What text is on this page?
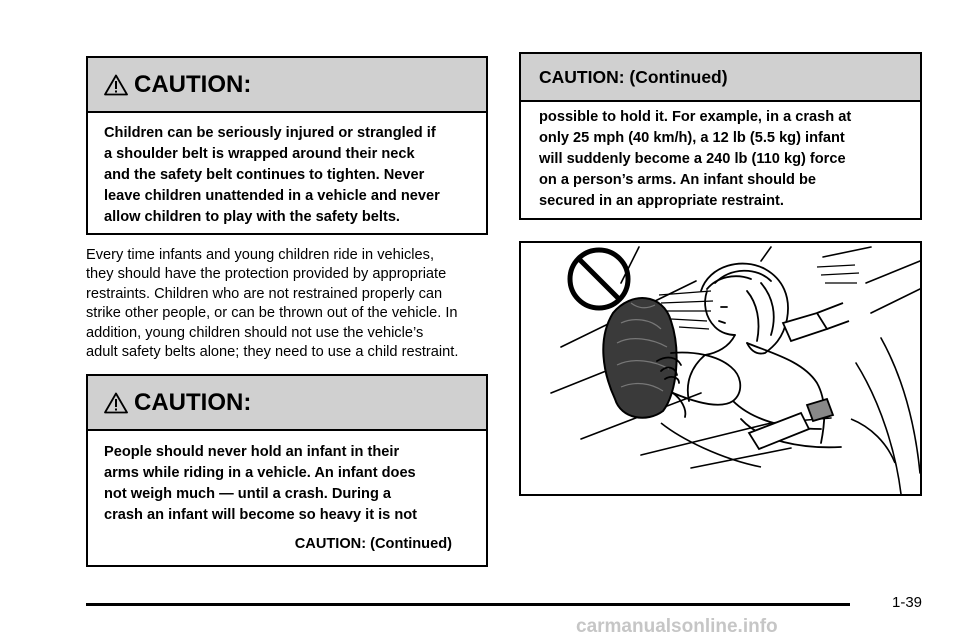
CAUTION:
Children can be seriously injured or strangled if
a shoulder belt is wrapped around their neck
and the safety belt continues to tighten. Never
leave children unattended in a vehicle and never
allow children to play with the safety belts.
Every time infants and young children ride in vehicles,
they should have the protection provided by appropriate
restraints. Children who are not restrained properly can
strike other people, or can be thrown out of the vehicle. In
addition, young children should not use the vehicle’s
adult safety belts alone; they need to use a child restraint.
CAUTION:
People should never hold an infant in their
arms while riding in a vehicle. An infant does
not weigh much — until a crash. During a
crash an infant will become so heavy it is not
CAUTION: (Continued)
CAUTION: (Continued)
possible to hold it. For example, in a crash at
only 25 mph (40 km/h), a 12 lb (5.5 kg) infant
will suddenly become a 240 lb (110 kg) force
on a person’s arms. An infant should be
secured in an appropriate restraint.
1-39
carmanualsonline.info
